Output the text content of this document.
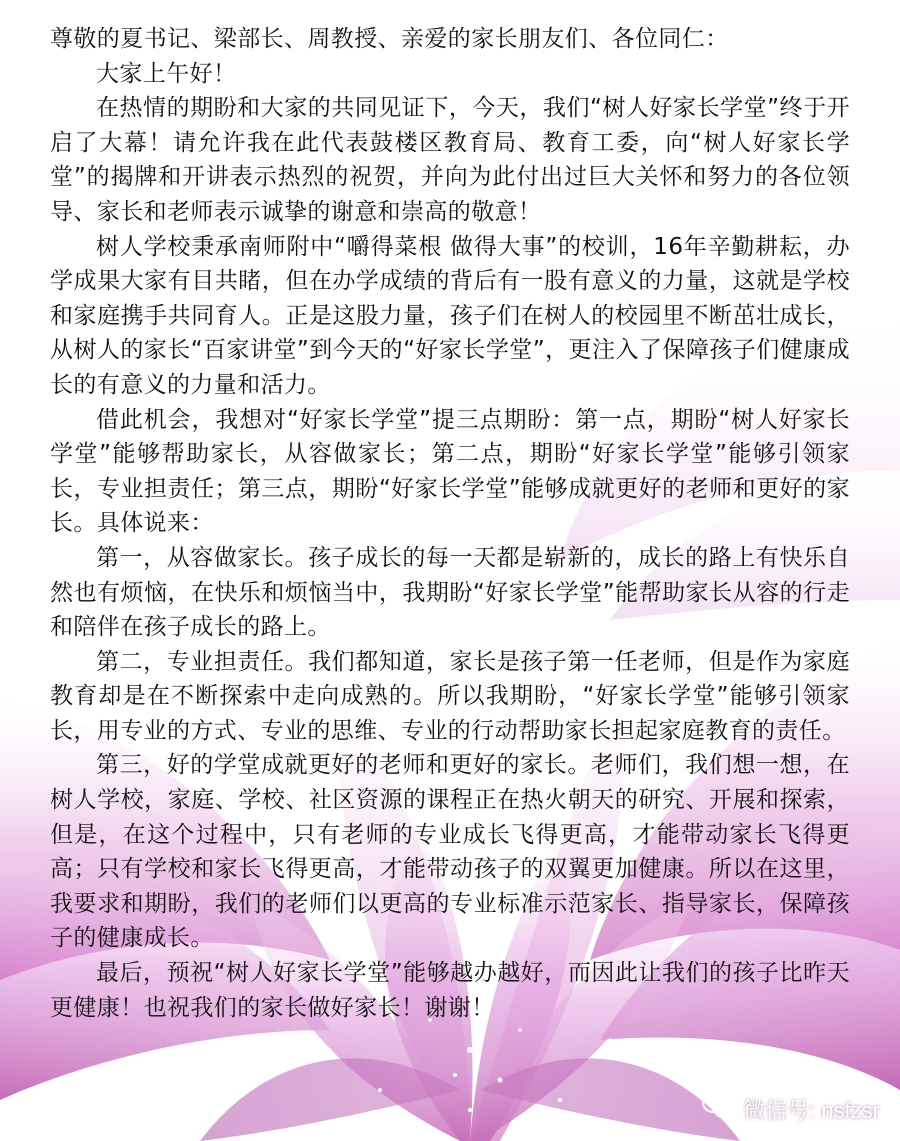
尊敬的夏书记、梁部长、周教授、亲爱的家长朋友们、各位同仁：

大家上午好！

在热情的期盼和大家的共同见证下，今天，我们“树人好家长学堂”终于开启了大幕！请允许我在此代表鼓楼区教育局、教育工委，向“树人好家长学堂”的揭牌和开讲表示热烈的祝贺，并向为此付出过巨大关怀和努力的各位领导、家长和老师表示诚挚的谢意和崇高的敬意！

树人学校秉承南师附中“嚼得菜根 做得大事”的校训，16年辛勤耕耘，办学成果大家有目共睹，但在办学成绩的背后有一股有意义的力量，这就是学校和家庭携手共同育人。正是这股力量，孩子们在树人的校园里不断茁壮成长，从树人的家长“百家讲堂”到今天的“好家长学堂”，更注入了保障孩子们健康成长的有意义的力量和活力。

借此机会，我想对“好家长学堂”提三点期盼：第一点，期盼“树人好家长学堂”能够帮助家长，从容做家长；第二点，期盼“好家长学堂”能够引领家长，专业担责任；第三点，期盼“好家长学堂”能够成就更好的老师和更好的家长。具体说来：

第一，从容做家长。孩子成长的每一天都是崭新的，成长的路上有快乐自然也有烦恼，在快乐和烦恼当中，我期盼“好家长学堂”能帮助家长从容的行走和陪伴在孩子成长的路上。

第二，专业担责任。我们都知道，家长是孩子第一任老师，但是作为家庭教育却是在不断探索中走向成熟的。所以我期盼，“好家长学堂”能够引领家长，用专业的方式、专业的思维、专业的行动帮助家长担起家庭教育的责任。

第三，好的学堂成就更好的老师和更好的家长。老师们，我们想一想，在树人学校，家庭、学校、社区资源的课程正在热火朝天的研究、开展和探索，但是，在这个过程中，只有老师的专业成长飞得更高，才能带动家长飞得更高；只有学校和家长飞得更高，才能带动孩子的双翼更加健康。所以在这里，我要求和期盼，我们的老师们以更高的专业标准示范家长、指导家长，保障孩子的健康成长。

最后，预祝“树人好家长学堂”能够越办越好，而因此让我们的孩子比昨天更健康！也祝我们的家长做好家长！谢谢！

微信号: nsfzsr
